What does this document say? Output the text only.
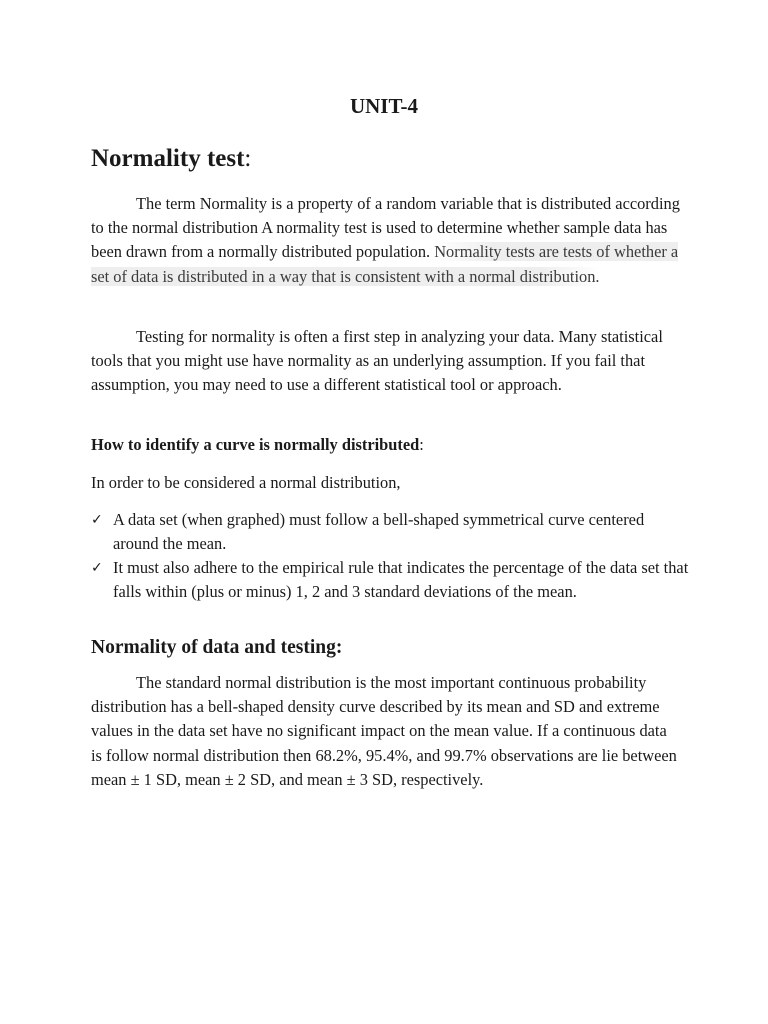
UNIT-4
Normality test:
The term Normality is a property of a random variable that is distributed according to the normal distribution A normality test is used to determine whether sample data has been drawn from a normally distributed population. Normality tests are tests of whether a set of data is distributed in a way that is consistent with a normal distribution.
Testing for normality is often a first step in analyzing your data. Many statistical tools that you might use have normality as an underlying assumption. If you fail that assumption, you may need to use a different statistical tool or approach.
How to identify a curve is normally distributed:
In order to be considered a normal distribution,
✓ A data set (when graphed) must follow a bell-shaped symmetrical curve centered around the mean.
✓ It must also adhere to the empirical rule that indicates the percentage of the data set that falls within (plus or minus) 1, 2 and 3 standard deviations of the mean.
Normality of data and testing:
The standard normal distribution is the most important continuous probability distribution has a bell-shaped density curve described by its mean and SD and extreme values in the data set have no significant impact on the mean value. If a continuous data is follow normal distribution then 68.2%, 95.4%, and 99.7% observations are lie between mean ± 1 SD, mean ± 2 SD, and mean ± 3 SD, respectively.
